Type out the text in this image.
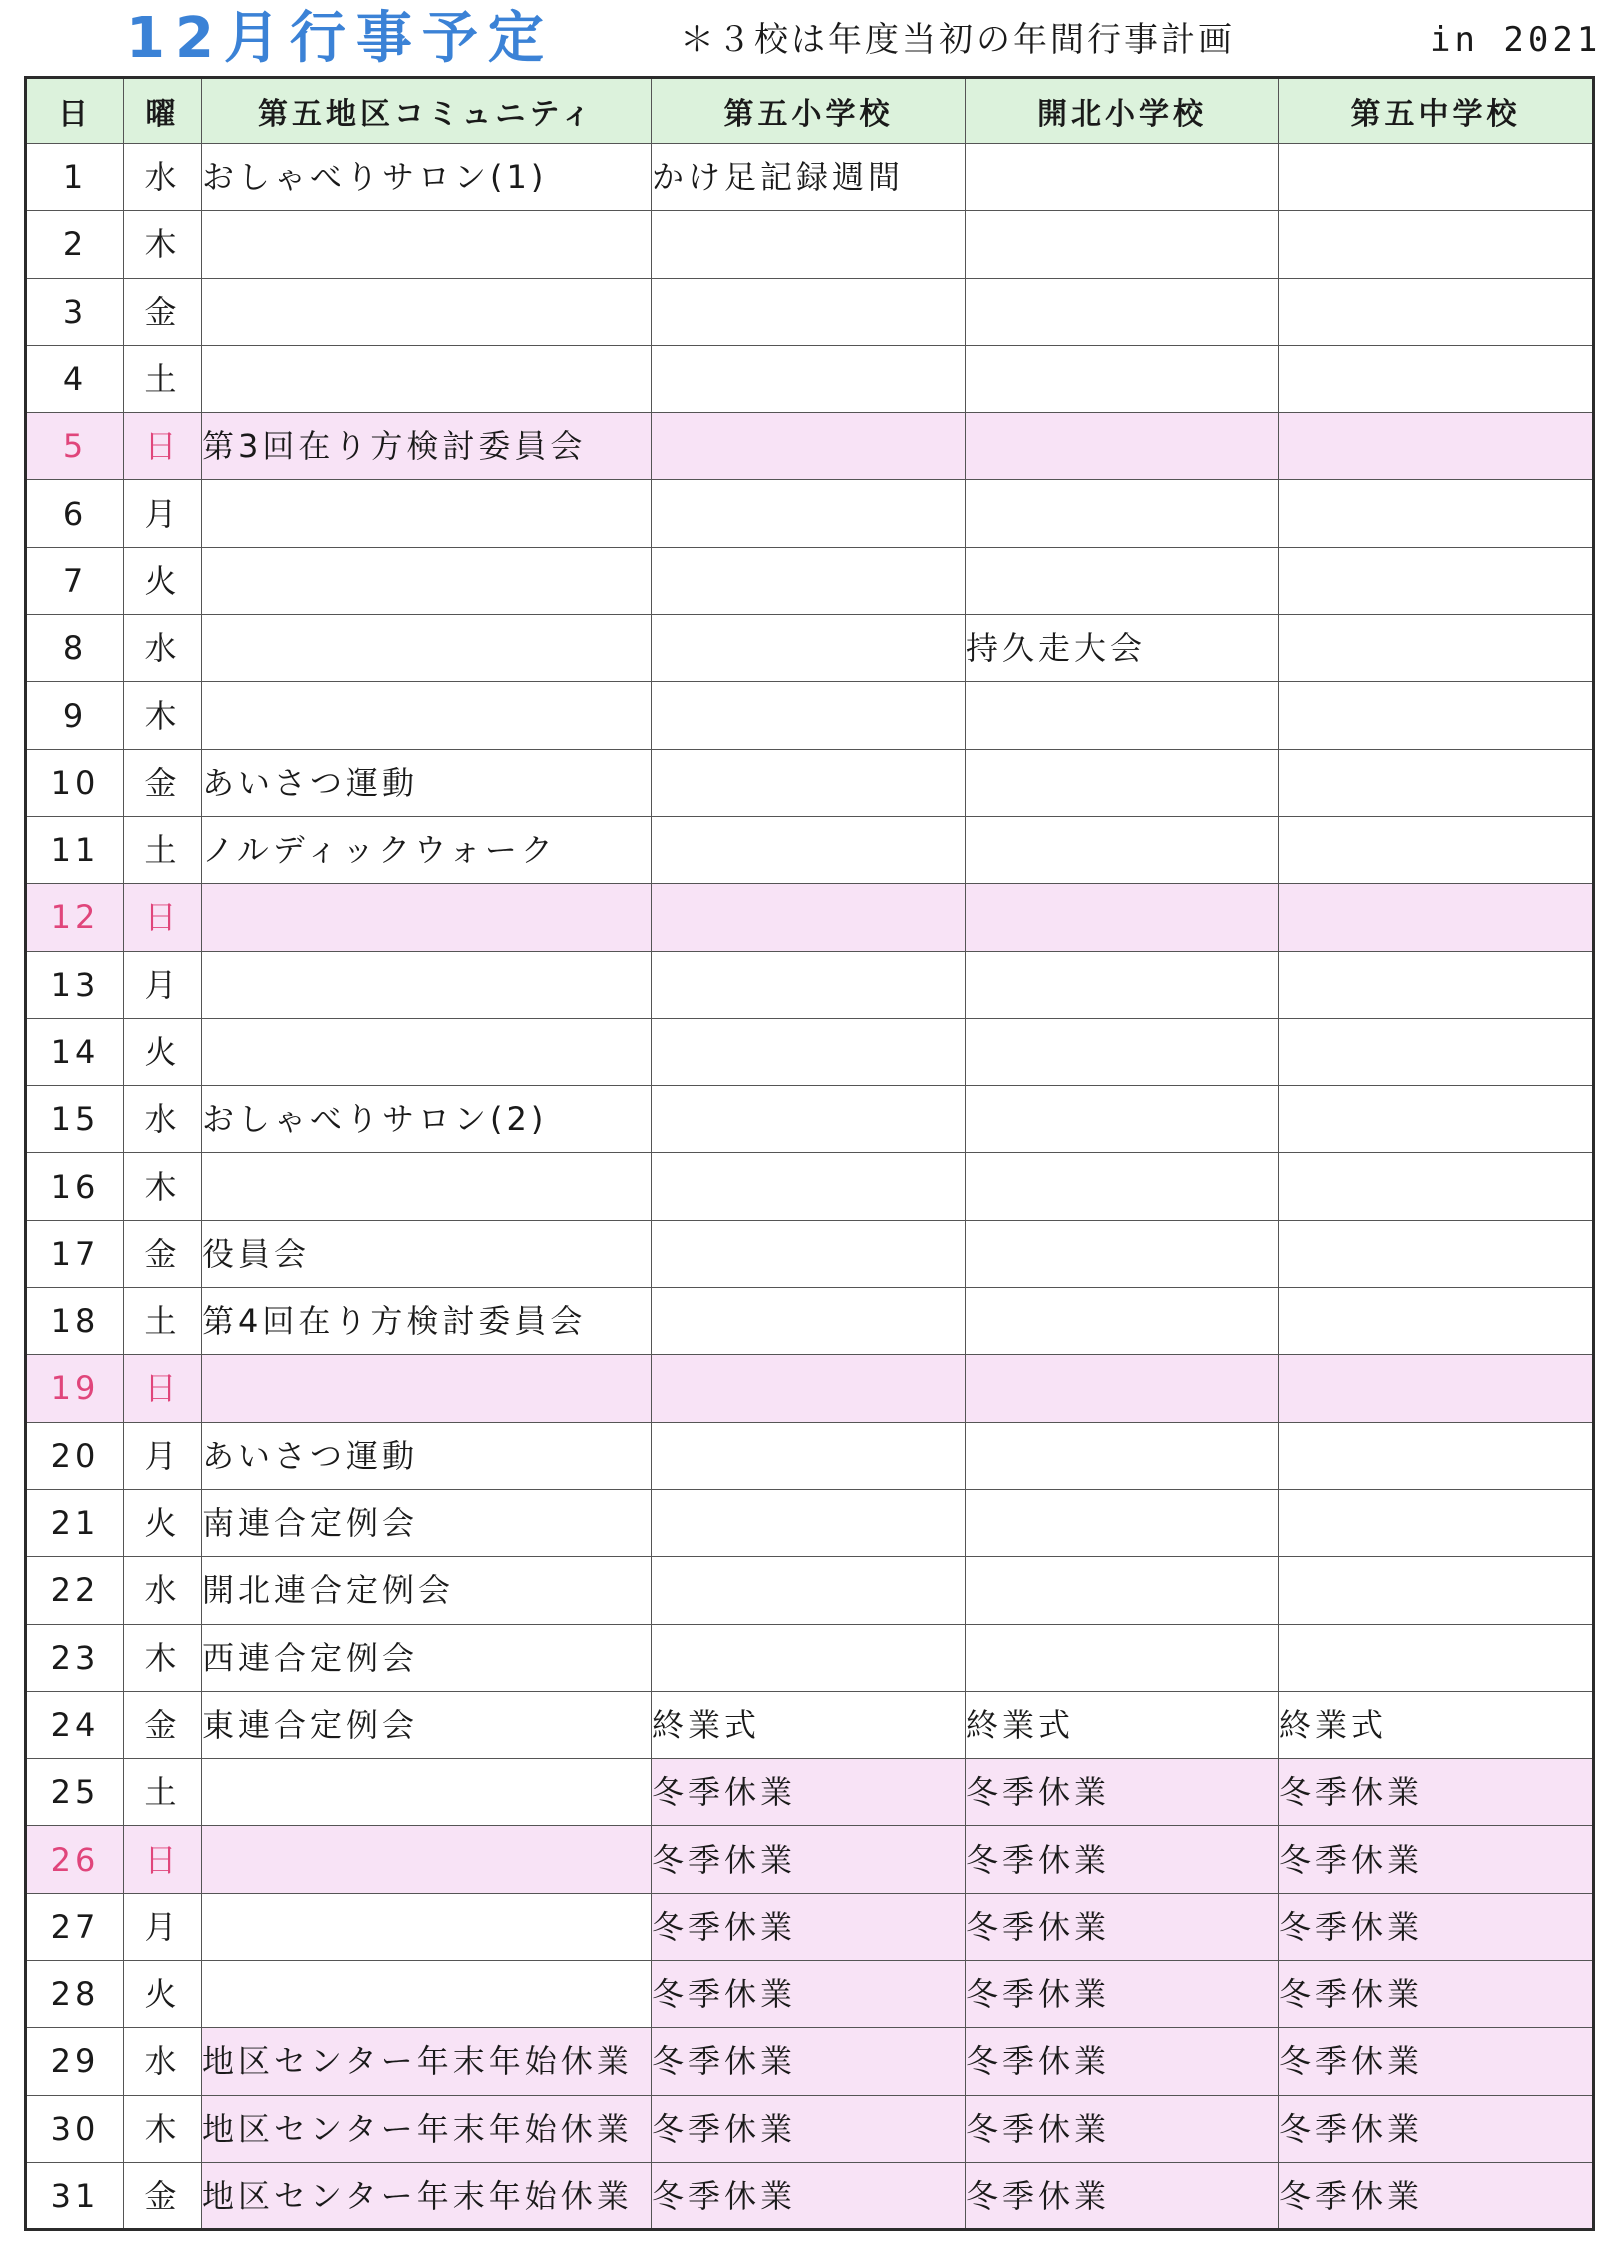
12月行事予定	＊３校は年度当初の年間行事計画	in 2021
日	曜	第五地区コミュニティ	第五小学校	開北小学校	第五中学校
1	水	おしゃべりサロン(1)	かけ足記録週間		
2	木				
3	金				
4	土				
5	日	第3回在り方検討委員会			
6	月				
7	火				
8	水			持久走大会	
9	木				
10	金	あいさつ運動			
11	土	ノルディックウォーク			
12	日				
13	月				
14	火				
15	水	おしゃべりサロン(2)			
16	木				
17	金	役員会			
18	土	第4回在り方検討委員会			
19	日				
20	月	あいさつ運動			
21	火	南連合定例会			
22	水	開北連合定例会			
23	木	西連合定例会			
24	金	東連合定例会	終業式	終業式	終業式
25	土		冬季休業	冬季休業	冬季休業
26	日		冬季休業	冬季休業	冬季休業
27	月		冬季休業	冬季休業	冬季休業
28	火		冬季休業	冬季休業	冬季休業
29	水	地区センター年末年始休業	冬季休業	冬季休業	冬季休業
30	木	地区センター年末年始休業	冬季休業	冬季休業	冬季休業
31	金	地区センター年末年始休業	冬季休業	冬季休業	冬季休業
